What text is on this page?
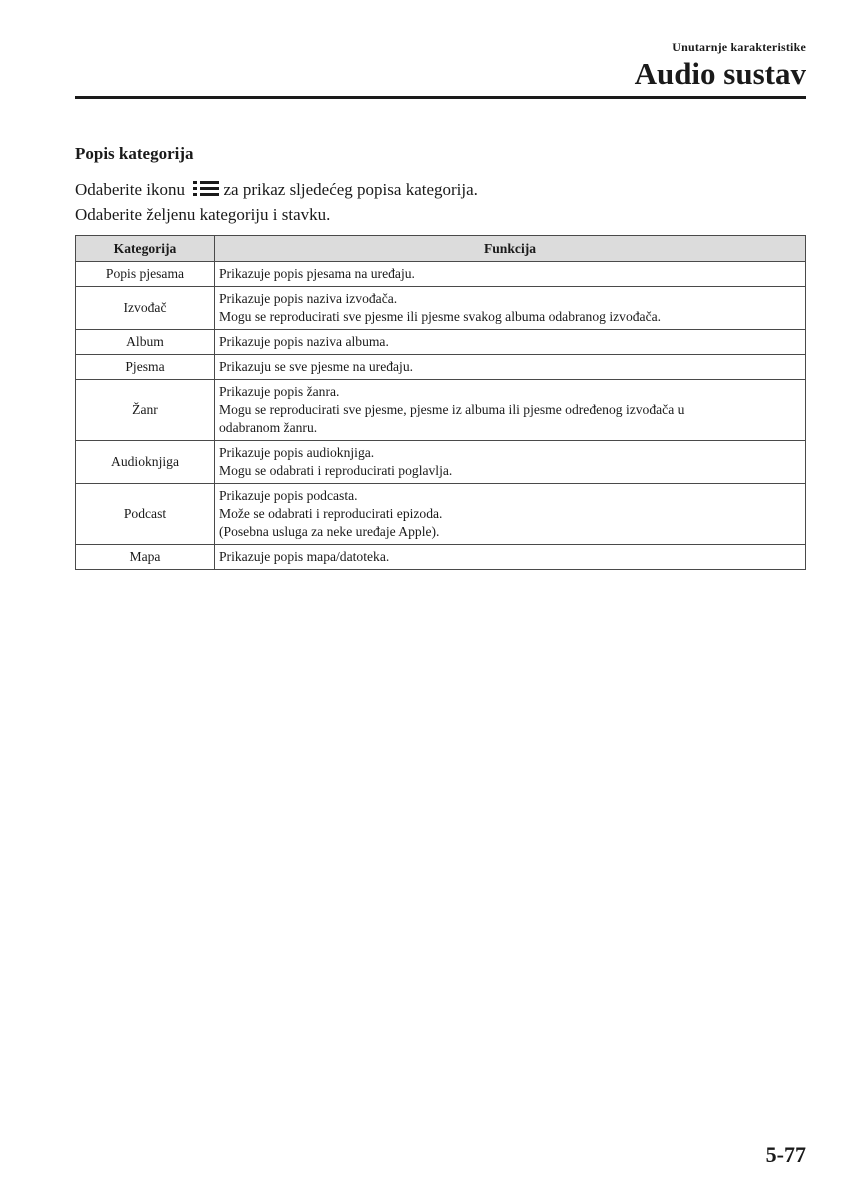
Unutarnje karakteristike
Audio sustav
Popis kategorija

Odaberite ikonu za prikaz sljedećeg popisa kategorija.

Odaberite željenu kategoriju i stavku.

Kategorija	Funkcija
Popis pjesama	Prikazuje popis pjesama na uređaju.

Izvođač	Prikazuje popis naziva izvođača.
Mogu se reproducirati sve pjesme ili pjesme svakog albuma odabranog izvođača.

Album	Prikazuje popis naziva albuma.

Pjesma	Prikazuju se sve pjesme na uređaju.

Žanr	Prikazuje popis žanra.
Mogu se reproducirati sve pjesme, pjesme iz albuma ili pjesme određenog izvođača u
odabranom žanru.

Audioknjiga	Prikazuje popis audioknjiga.
Mogu se odabrati i reproducirati poglavlja.

Podcast	Prikazuje popis podcasta.
Može se odabrati i reproducirati epizoda.
(Posebna usluga za neke uređaje Apple).

Mapa	Prikazuje popis mapa/datoteka.
5-77
